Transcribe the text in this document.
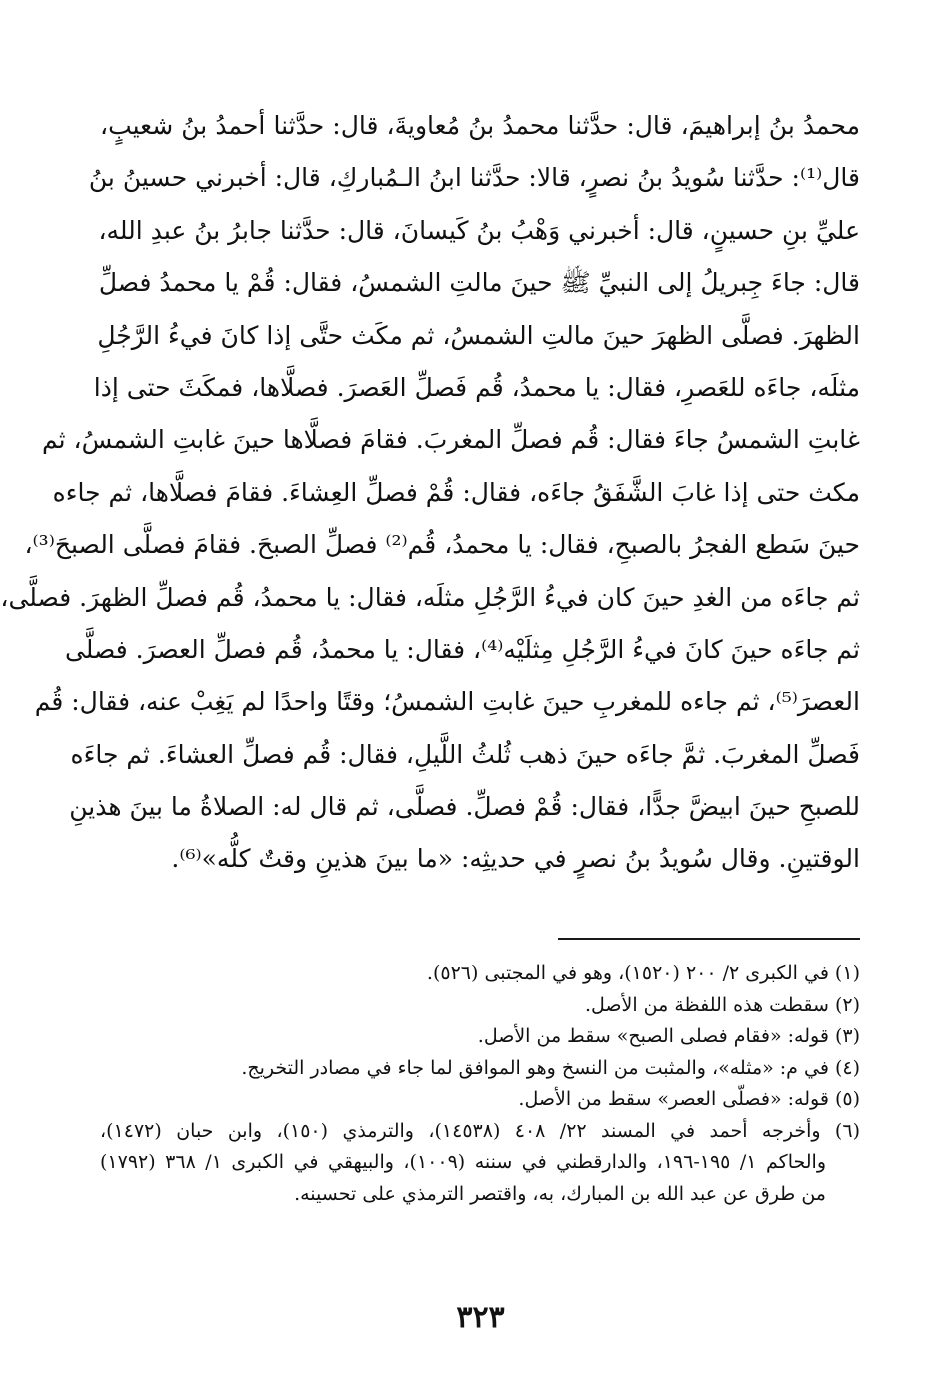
محمدُ بنُ إبراهيمَ، قال: حدَّثنا محمدُ بنُ مُعاويةَ، قال: حدَّثنا أحمدُ بنُ شعيبٍ،
قال⁽¹⁾: حدَّثنا سُويدُ بنُ نصرٍ، قالا: حدَّثنا ابنُ الـمُباركِ، قال: أخبرني حسينُ بنُ
عليِّ بنِ حسينٍ، قال: أخبرني وَهْبُ بنُ كَيسانَ، قال: حدَّثنا جابرُ بنُ عبدِ الله،
قال: جاءَ جِبريلُ إلى النبيِّ ﷺ حينَ مالتِ الشمسُ، فقال: قُمْ يا محمدُ فصلِّ
الظهرَ. فصلَّى الظهرَ حينَ مالتِ الشمسُ، ثم مكَث حتَّى إذا كانَ فيءُ الرَّجُلِ
مثلَه، جاءَه للعَصرِ، فقال: يا محمدُ، قُم فَصلِّ العَصرَ. فصلَّاها، فمكَثَ حتى إذا
غابتِ الشمسُ جاءَ فقال: قُم فصلِّ المغربَ. فقامَ فصلَّاها حينَ غابتِ الشمسُ، ثم
مكث حتى إذا غابَ الشَّفَقُ جاءَه، فقال: قُمْ فصلِّ العِشاءَ. فقامَ فصلَّاها، ثم جاءه
حينَ سَطع الفجرُ بالصبحِ، فقال: يا محمدُ، قُم⁽²⁾ فصلِّ الصبحَ. فقامَ فصلَّى الصبحَ⁽³⁾،
ثم جاءَه من الغدِ حينَ كان فيءُ الرَّجُلِ مثلَه، فقال: يا محمدُ، قُم فصلِّ الظهرَ. فصلَّى،
ثم جاءَه حينَ كانَ فيءُ الرَّجُلِ مِثلَيْه⁽⁴⁾، فقال: يا محمدُ، قُم فصلِّ العصرَ. فصلَّى
العصرَ⁽⁵⁾، ثم جاءه للمغربِ حينَ غابتِ الشمسُ؛ وقتًا واحدًا لم يَغِبْ عنه، فقال: قُم
فَصلِّ المغربَ. ثمَّ جاءَه حينَ ذهب ثُلثُ اللَّيلِ، فقال: قُم فصلِّ العشاءَ. ثم جاءَه
للصبحِ حينَ ابيضَّ جدًّا، فقال: قُمْ فصلِّ. فصلَّى، ثم قال له: الصلاةُ ما بينَ هذينِ
الوقتينِ. وقال سُويدُ بنُ نصرٍ في حديثِه: «ما بينَ هذينِ وقتٌ كلُّه»⁽⁶⁾.
(١) في الكبرى ٢/ ٢٠٠ (١٥٢٠)، وهو في المجتبى (٥٢٦).
(٢) سقطت هذه اللفظة من الأصل.
(٣) قوله: «فقام فصلى الصبح» سقط من الأصل.
(٤) في م: «مثله»، والمثبت من النسخ وهو الموافق لما جاء في مصادر التخريج.
(٥) قوله: «فصلّى العصر» سقط من الأصل.
(٦) وأخرجه أحمد في المسند ٢٢/ ٤٠٨ (١٤٥٣٨)، والترمذي (١٥٠)، وابن حبان (١٤٧٢)،
والحاكم ١/ ١٩٥-١٩٦، والدارقطني في سننه (١٠٠٩)، والبيهقي في الكبرى ١/ ٣٦٨ (١٧٩٢)
من طرق عن عبد الله بن المبارك، به، واقتصر الترمذي على تحسينه.
٣٢٣
